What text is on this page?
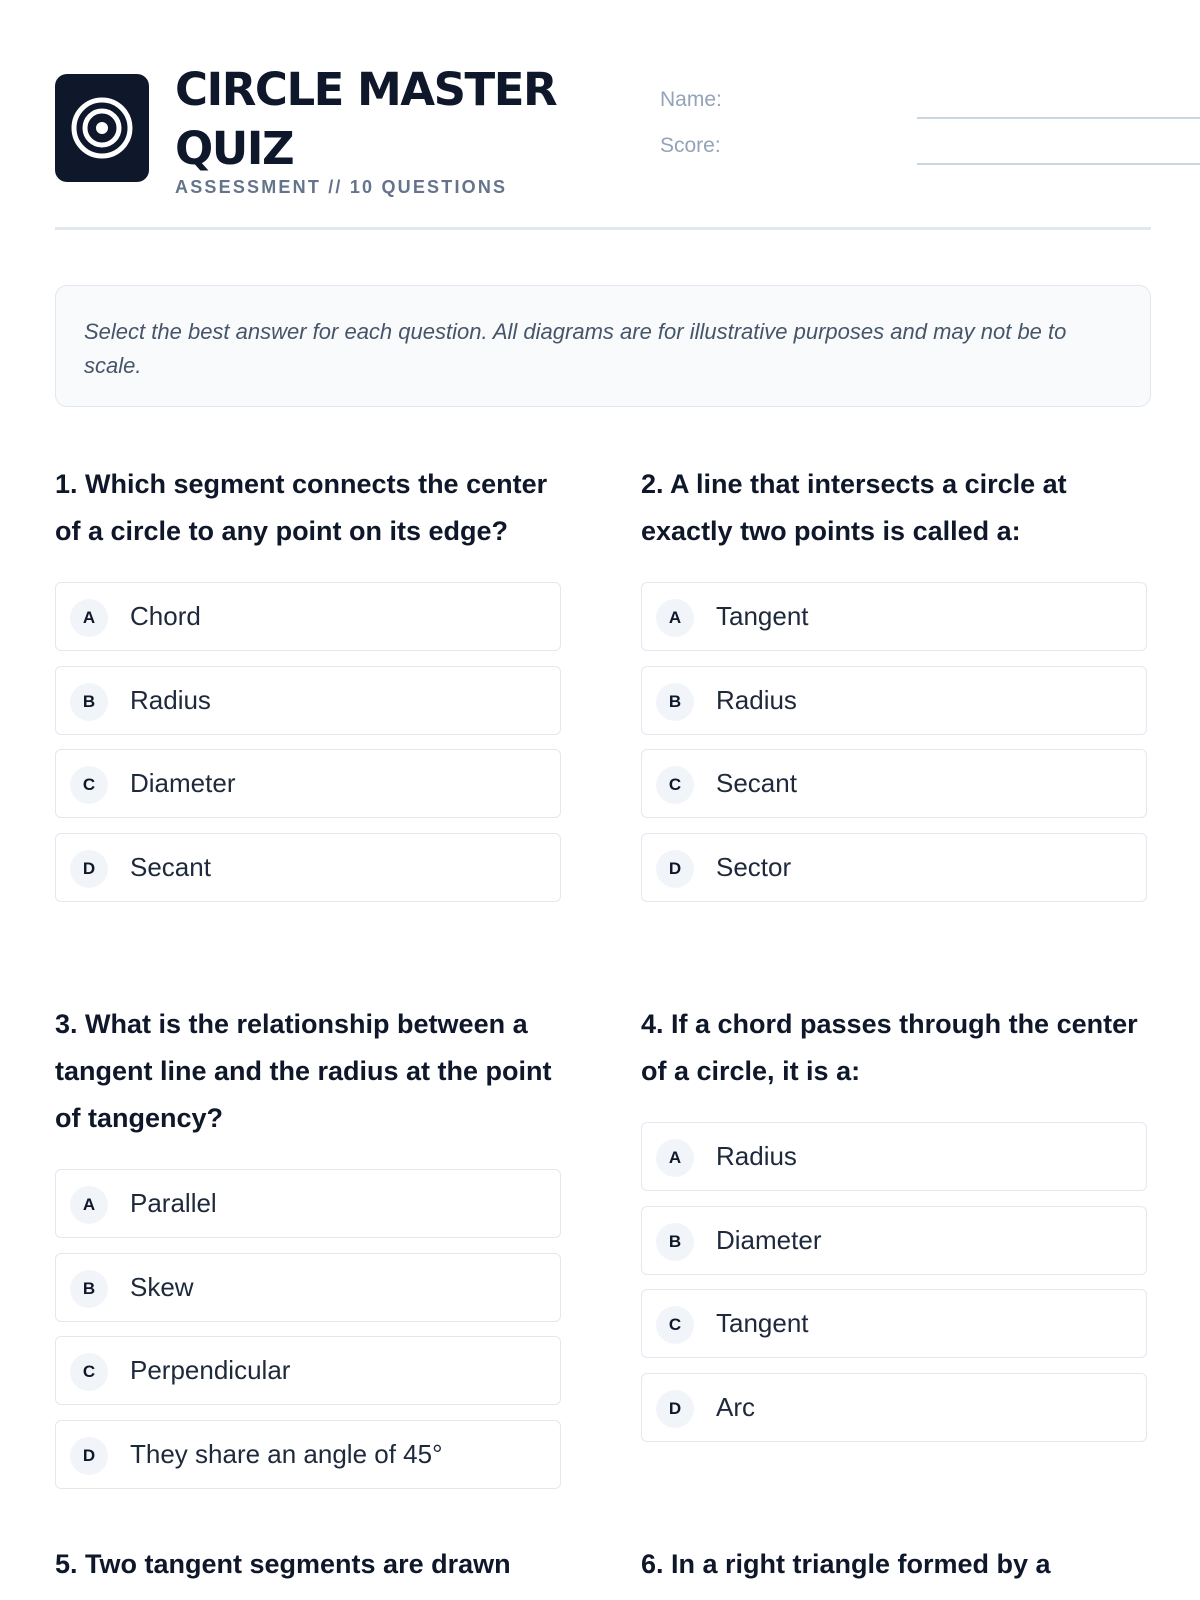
CIRCLE MASTER QUIZ
ASSESSMENT // 10 QUESTIONS
Name:
Score:
Select the best answer for each question. All diagrams are for illustrative purposes and may not be to scale.
1. Which segment connects the center of a circle to any point on its edge?
A	Chord
B	Radius
C	Diameter
D	Secant
2. A line that intersects a circle at exactly two points is called a:
A	Tangent
B	Radius
C	Secant
D	Sector
3. What is the relationship between a tangent line and the radius at the point of tangency?
A	Parallel
B	Skew
C	Perpendicular
D	They share an angle of 45°
4. If a chord passes through the center of a circle, it is a:
A	Radius
B	Diameter
C	Tangent
D	Arc
5. Two tangent segments are drawn	6. In a right triangle formed by a
